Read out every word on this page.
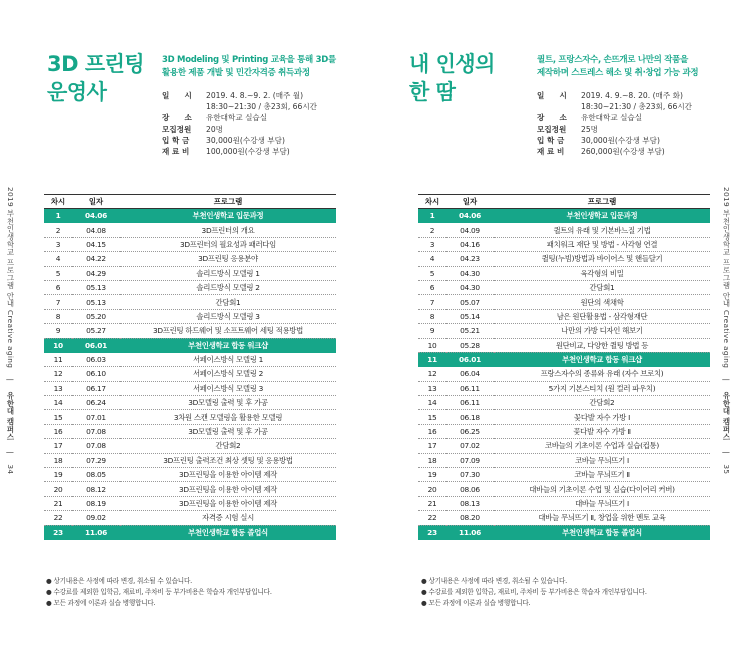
3D 프린팅
운영사
3D Modeling 및 Printing 교육을 통해 3D를
활용한 제품 개발 및 민간자격증 취득과정
일　　시	2019. 4. 8.~9. 2. (매주 월)
18:30~21:30 / 총23회, 66시간
장　　소	유한대학교 실습실
모집정원	20명
입 학 금	30,000원(수강생 부담)
재 료 비	100,000원(수강생 부담)
차시	일자	프로그램
1	04.06	부천인생학교 입문과정
2	04.08	3D프린터의 개요
3	04.15	3D프린터의 필요성과 패러다임
4	04.22	3D프린팅 응용분야
5	04.29	솔리드방식 모델링 1
6	05.13	솔리드방식 모델링 2
7	05.13	간담회1
8	05.20	솔리드방식 모델링 3
9	05.27	3D프린팅 하드웨어 및 소프트웨어 세팅 적용방법
10	06.01	부천인생학교 합동 워크샵
11	06.03	서페이스방식 모델링 1
12	06.10	서페이스방식 모델링 2
13	06.17	서페이스방식 모델링 3
14	06.24	3D모델링 출력 및 후 가공
15	07.01	3차원 스캔 모델링을 활용한 모델링
16	07.08	3D모델링 출력 및 후 가공
17	07.08	간담회2
18	07.29	3D프린팅 출력조건 최상 셋팅 및 응용방법
19	08.05	3D프린팅을 이용한 아이템 제작
20	08.12	3D프린팅을 이용한 아이템 제작
21	08.19	3D프린팅을 이용한 아이템 제작
22	09.02	자격증 시험 실시
23	11.06	부천인생학교 합동 졸업식
● 상기내용은 사정에 따라 변경, 취소될 수 있습니다.
● 수강료를 제외한 입학금, 재료비, 주차비 등 부가비용은 학습자 개인부담입니다.
● 모든 과정에 이론과 실습 병행합니다.
2019 부천인생학교 프로그램 안내 Creative aging 　|　 유한대 캠퍼스 　|　 34
내 인생의
한 땀
퀼트, 프랑스자수, 손뜨개로 나만의 작품을
제작하며 스트레스 해소 및 취·창업 가능 과정
일　　시	2019. 4. 9.~8. 20. (매주 화)
18:30~21:30 / 총23회, 66시간
장　　소	유한대학교 실습실
모집정원	25명
입 학 금	30,000원(수강생 부담)
재 료 비	260,000원(수강생 부담)
차시	일자	프로그램
1	04.06	부천인생학교 입문과정
2	04.09	퀼트의 유래 및 기본바느질 기법
3	04.16	패치워크 재단 및 방법 - 사각형 연결
4	04.23	퀼팅(누빔)방법과 바이어스 및 핸들달기
5	04.30	육각형의 비밀
6	04.30	간담회1
7	05.07	원단의 색채학
8	05.14	남은 원단활용법 - 삼각형재단
9	05.21	나만의 가방 디자인 해보기
10	05.28	원단비교, 다양한 퀼팅 방법 등
11	06.01	부천인생학교 합동 워크샵
12	06.04	프랑스자수의 종류와 유래 (자수 브로치)
13	06.11	5가지 기본스티치 (원 컬러 파우치)
14	06.11	간담회2
15	06.18	꽃다발 자수 가방 Ⅰ
16	06.25	꽃다발 자수 가방 Ⅱ
17	07.02	코바늘의 기초이론 수업과 실습(컵통)
18	07.09	코바늘 무늬뜨기 Ⅰ
19	07.30	코바늘 무늬뜨기 Ⅱ
20	08.06	대바늘의 기초이론 수업 및 실습(다이어리 커버)
21	08.13	대바늘 무늬뜨기 Ⅰ
22	08.20	대바늘 무늬뜨기 Ⅱ, 창업을 위한 멘토 교육
23	11.06	부천인생학교 합동 졸업식
● 상기내용은 사정에 따라 변경, 취소될 수 있습니다.
● 수강료를 제외한 입학금, 재료비, 주차비 등 부가비용은 학습자 개인부담입니다.
● 모든 과정에 이론과 실습 병행합니다.
2019 부천인생학교 프로그램 안내 Creative aging 　|　 유한대 캠퍼스 　|　 35
